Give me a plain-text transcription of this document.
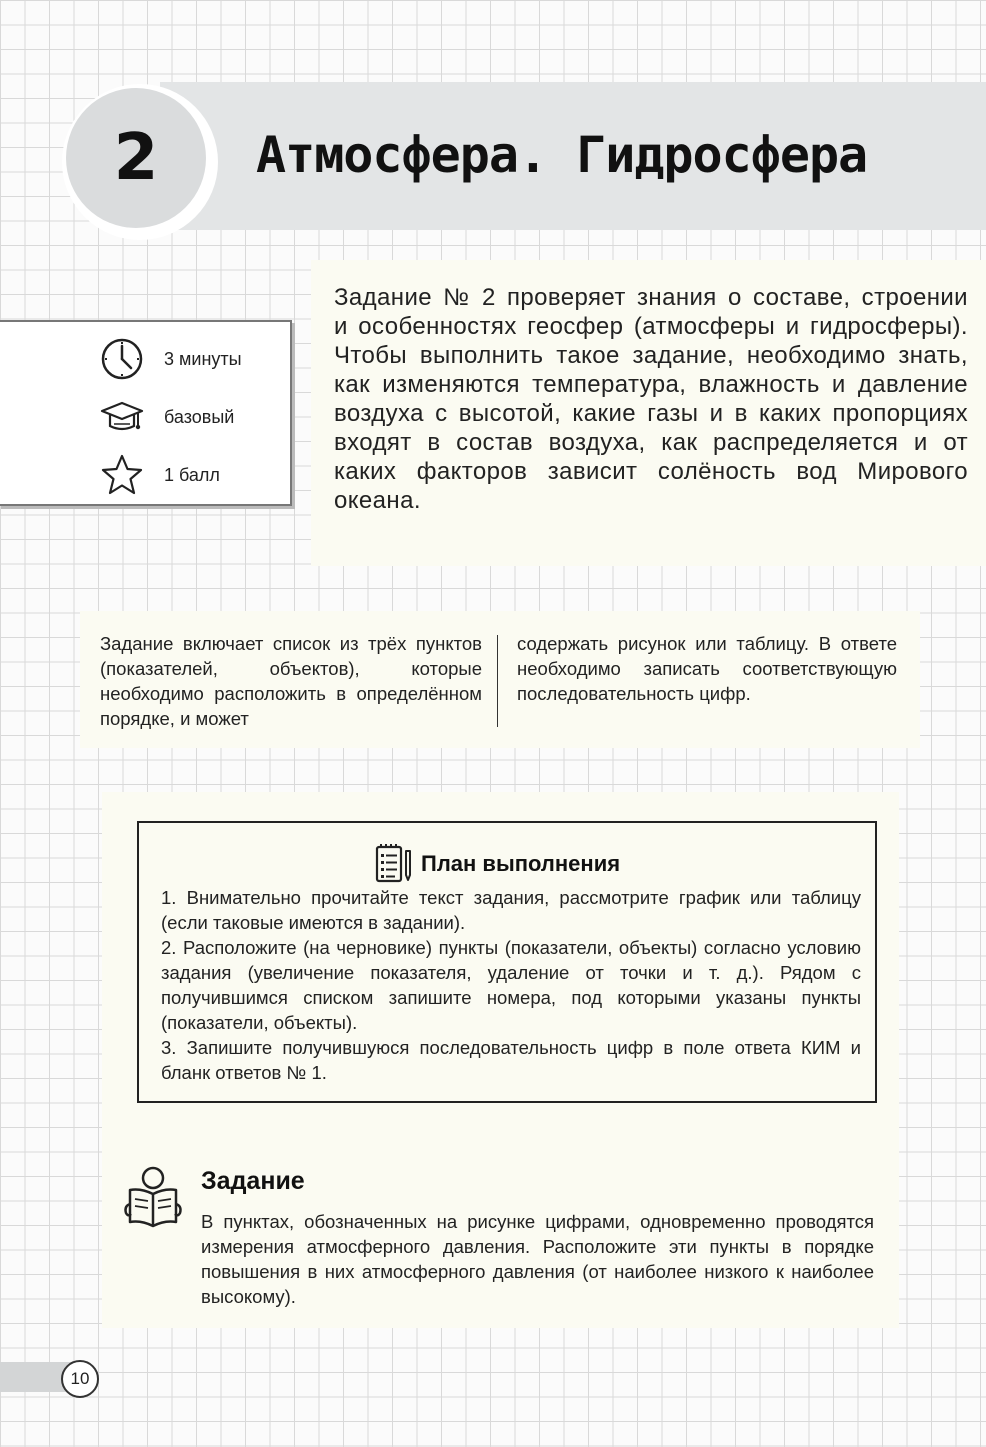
2 Атмосфера. Гидросфера
3 минуты
базовый
1 балл

Задание № 2 проверяет знания о составе, строении и особенностях геосфер (атмосферы и гидросферы). Чтобы выполнить такое задание, необходимо знать, как изменяются температура, влажность и давление воздуха с высотой, какие газы и в каких пропорциях входят в состав воздуха, как распределяется и от каких факторов зависит солёность вод Мирового океана.

Задание включает список из трёх пунктов (показателей, объектов), которые необходимо расположить в определённом порядке, и может
содержать рисунок или таблицу. В ответе необходимо записать соответствующую последовательность цифр.
План выполнения

1. Внимательно прочитайте текст задания, рассмотрите график или таблицу (если таковые имеются в задании).

2. Расположите (на черновике) пункты (показатели, объекты) согласно условию задания (увеличение показателя, удаление от точки и т. д.). Рядом с получившимся списком запишите номера, под которыми указаны пункты (показатели, объекты).

3. Запишите получившуюся последовательность цифр в поле ответа КИМ и бланк ответов № 1.

Задание
В пунктах, обозначенных на рисунке цифрами, одновременно проводятся измерения атмосферного давления. Расположите эти пункты в порядке повышения в них атмосферного давления (от наиболее низкого к наиболее высокому).
10
